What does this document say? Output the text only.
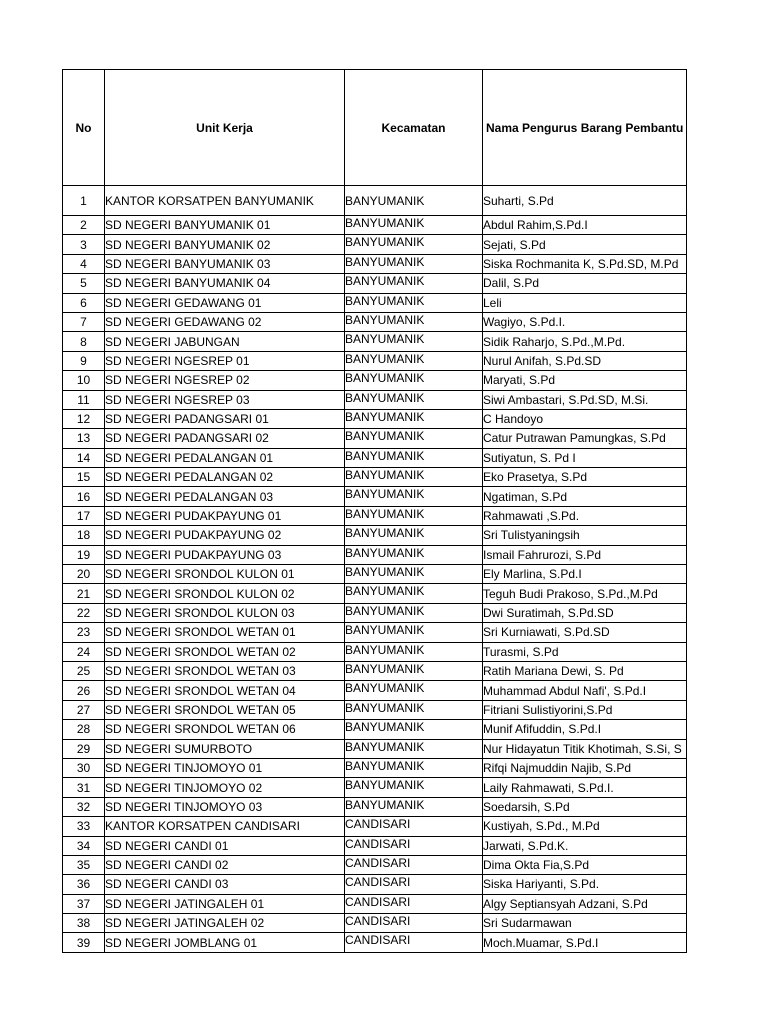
No	Unit Kerja	Kecamatan	Nama Pengurus Barang Pembantu
1	KANTOR KORSATPEN BANYUMANIK	BANYUMANIK	Suharti, S.Pd
2	SD NEGERI BANYUMANIK 01	BANYUMANIK	Abdul Rahim,S.Pd.I
3	SD NEGERI BANYUMANIK 02	BANYUMANIK	Sejati, S.Pd
4	SD NEGERI BANYUMANIK 03	BANYUMANIK	Siska Rochmanita K, S.Pd.SD, M.Pd
5	SD NEGERI BANYUMANIK 04	BANYUMANIK	Dalil, S.Pd
6	SD NEGERI GEDAWANG 01	BANYUMANIK	Leli
7	SD NEGERI GEDAWANG 02	BANYUMANIK	Wagiyo, S.Pd.I.
8	SD NEGERI JABUNGAN	BANYUMANIK	Sidik Raharjo, S.Pd.,M.Pd.
9	SD NEGERI NGESREP 01	BANYUMANIK	Nurul Anifah, S.Pd.SD
10	SD NEGERI NGESREP 02	BANYUMANIK	Maryati, S.Pd
11	SD NEGERI NGESREP 03	BANYUMANIK	Siwi Ambastari, S.Pd.SD, M.Si.
12	SD NEGERI PADANGSARI 01	BANYUMANIK	C Handoyo
13	SD NEGERI PADANGSARI 02	BANYUMANIK	Catur Putrawan Pamungkas, S.Pd
14	SD NEGERI PEDALANGAN 01	BANYUMANIK	Sutiyatun, S. Pd I
15	SD NEGERI PEDALANGAN 02	BANYUMANIK	Eko Prasetya, S.Pd
16	SD NEGERI PEDALANGAN 03	BANYUMANIK	Ngatiman, S.Pd
17	SD NEGERI PUDAKPAYUNG 01	BANYUMANIK	Rahmawati ,S.Pd.
18	SD NEGERI PUDAKPAYUNG 02	BANYUMANIK	Sri Tulistyaningsih
19	SD NEGERI PUDAKPAYUNG 03	BANYUMANIK	Ismail Fahrurozi, S.Pd
20	SD NEGERI SRONDOL KULON 01	BANYUMANIK	Ely Marlina, S.Pd.I
21	SD NEGERI SRONDOL KULON 02	BANYUMANIK	Teguh Budi Prakoso, S.Pd.,M.Pd
22	SD NEGERI SRONDOL KULON 03	BANYUMANIK	Dwi Suratimah, S.Pd.SD
23	SD NEGERI SRONDOL WETAN 01	BANYUMANIK	Sri Kurniawati, S.Pd.SD
24	SD NEGERI SRONDOL WETAN 02	BANYUMANIK	Turasmi, S.Pd
25	SD NEGERI SRONDOL WETAN 03	BANYUMANIK	Ratih Mariana Dewi, S. Pd
26	SD NEGERI SRONDOL WETAN 04	BANYUMANIK	Muhammad Abdul Nafi', S.Pd.I
27	SD NEGERI SRONDOL WETAN 05	BANYUMANIK	Fitriani Sulistiyorini,S.Pd
28	SD NEGERI SRONDOL WETAN 06	BANYUMANIK	Munif Afifuddin, S.Pd.I
29	SD NEGERI SUMURBOTO	BANYUMANIK	Nur Hidayatun Titik Khotimah, S.Si, S
30	SD NEGERI TINJOMOYO 01	BANYUMANIK	Rifqi Najmuddin Najib, S.Pd
31	SD NEGERI TINJOMOYO 02	BANYUMANIK	Laily Rahmawati, S.Pd.I.
32	SD NEGERI TINJOMOYO 03	BANYUMANIK	Soedarsih, S.Pd
33	KANTOR KORSATPEN CANDISARI	CANDISARI	Kustiyah, S.Pd., M.Pd
34	SD NEGERI CANDI 01	CANDISARI	Jarwati, S.Pd.K.
35	SD NEGERI CANDI 02	CANDISARI	Dima Okta Fia,S.Pd
36	SD NEGERI CANDI 03	CANDISARI	Siska Hariyanti, S.Pd.
37	SD NEGERI JATINGALEH 01	CANDISARI	Algy Septiansyah Adzani, S.Pd
38	SD NEGERI JATINGALEH 02	CANDISARI	Sri Sudarmawan
39	SD NEGERI JOMBLANG 01	CANDISARI	Moch.Muamar, S.Pd.I
